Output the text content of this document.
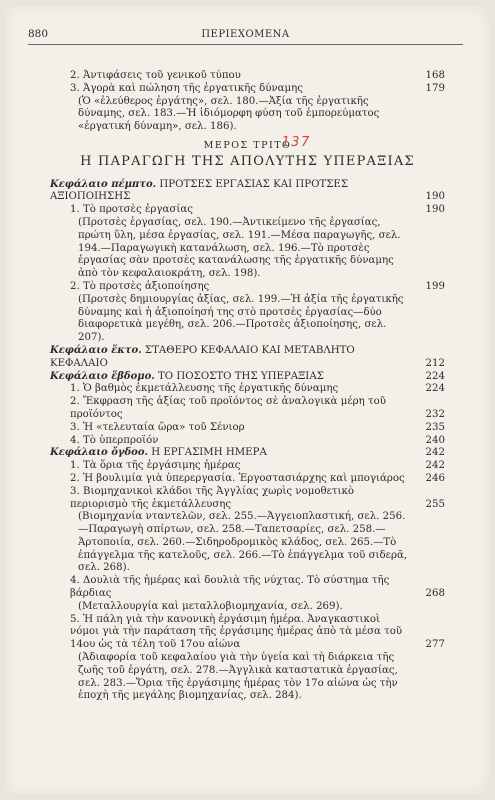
880	ΠΕΡΙΕΧΟΜΕΝΑ
2. Ἀντιφάσεις τοῦ γενικοῦ τύπου	168
3. Ἀγορὰ καὶ πώληση τῆς ἐργατικῆς δύναμης	179
(Ὁ «ἐλεύθερος ἐργάτης», σελ. 180.—Ἀξία τῆς ἐργατικῆς δύναμης, σελ. 183.—Ἡ ἰδιόμορφη φύση τοῦ ἐμπορεύματος «ἐργατική δύναμη», σελ. 186).
ΜΕΡΟΣ ΤΡΙΤΟ
137
Η ΠΑΡΑΓΩΓΗ ΤΗΣ ΑΠΟΛΥΤΗΣ ΥΠΕΡΑΞΙΑΣ
Κεφάλαιο πέμπτο. ΠΡΟΤΣΕΣ ΕΡΓΑΣΙΑΣ ΚΑΙ ΠΡΟΤΣΕΣ ΑΞΙΟΠΟΙΗΣΗΣ	190
1. Τὸ προτσὲς ἐργασίας	190
(Προτσὲς ἐργασίας, σελ. 190.—Ἀντικείμενο τῆς ἐργασίας, πρώτη ὕλη, μέσα ἐργασίας, σελ. 191.—Μέσα παραγωγῆς, σελ. 194.—Παραγωγικὴ κατανάλωση, σελ. 196.—Τὸ προτσὲς ἐργασίας σὰν προτσὲς κατανάλωσης τῆς ἐργατικῆς δύναμης ἀπὸ τὸν κεφαλαιοκράτη, σελ. 198).
2. Τὸ προτσὲς ἀξιοποίησης	199
(Προτσὲς δημιουργίας ἀξίας, σελ. 199.—Ἡ ἀξία τῆς ἐργατικῆς δύναμης καὶ ἡ ἀξιοποίησή της στὸ προτσὲς ἐργασίας—δύο διαφορετικὰ μεγέθη, σελ. 206.—Προτσὲς ἀξιοποίησης, σελ. 207).
Κεφάλαιο ἕκτο. ΣΤΑΘΕΡΟ ΚΕΦΑΛΑΙΟ ΚΑΙ ΜΕΤΑΒΛΗΤΟ ΚΕΦΑΛΑΙΟ	212
Κεφάλαιο ἕβδομο. ΤΟ ΠΟΣΟΣΤΟ ΤΗΣ ΥΠΕΡΑΞΙΑΣ	224
1. Ὁ βαθμὸς ἐκμετάλλευσης τῆς ἐργατικῆς δύναμης	224
2. Ἔκφραση τῆς ἀξίας τοῦ προϊόντος σὲ ἀναλογικὰ μέρη τοῦ προϊόντος	232
3. Ἡ «τελευταία ὥρα» τοῦ Σένιορ	235
4. Τὸ ὑπερπροϊόν	240
Κεφάλαιο ὄγδοο. Η ΕΡΓΑΣΙΜΗ ΗΜΕΡΑ	242
1. Τὰ ὅρια τῆς ἐργάσιμης ἡμέρας	242
2. Ἡ βουλιμία γιὰ ὑπερεργασία. Ἐργοστασιάρχης καὶ μπογιάρος	246
3. Βιομηχανικοὶ κλάδοι τῆς Ἀγγλίας χωρὶς νομοθετικὸ περιορισμὸ τῆς ἐκμετάλλευσης	255
(Βιομηχανία νταντελῶν, σελ. 255.—Ἀγγειοπλαστική, σελ. 256.—Παραγωγὴ σπίρτων, σελ. 258.—Ταπετσαρίες, σελ. 258.—Ἀρτοποιία, σελ. 260.—Σιδηροδρομικὸς κλάδος, σελ. 265.—Τὸ ἐπάγγελμα τῆς κατελοῦς, σελ. 266.—Τὸ ἐπάγγελμα τοῦ σιδερᾶ, σελ. 268).
4. Δουλιὰ τῆς ἡμέρας καὶ δουλιὰ τῆς νύχτας. Τὸ σύστημα τῆς βάρδιας	268
(Μεταλλουργία καὶ μεταλλοβιομηχανία, σελ. 269).
5. Ἡ πάλη γιὰ τὴν κανονικὴ ἐργάσιμη ἡμέρα. Ἀναγκαστικοὶ νόμοι γιὰ τὴν παράταση τῆς ἐργάσιμης ἡμέρας ἀπὸ τὰ μέσα τοῦ 14ου ὡς τὰ τέλη τοῦ 17ου αἰώνα	277
(Ἀδιαφορία τοῦ κεφαλαίου γιὰ τὴν ὑγεία καὶ τὴ διάρκεια τῆς ζωῆς τοῦ ἐργάτη, σελ. 278.—Ἀγγλικὰ καταστατικὰ ἐργασίας, σελ. 283.—Ὅρια τῆς ἐργάσιμης ἡμέρας τὸν 17ο αἰώνα ὡς τὴν ἐποχὴ τῆς μεγάλης βιομηχανίας, σελ. 284).
